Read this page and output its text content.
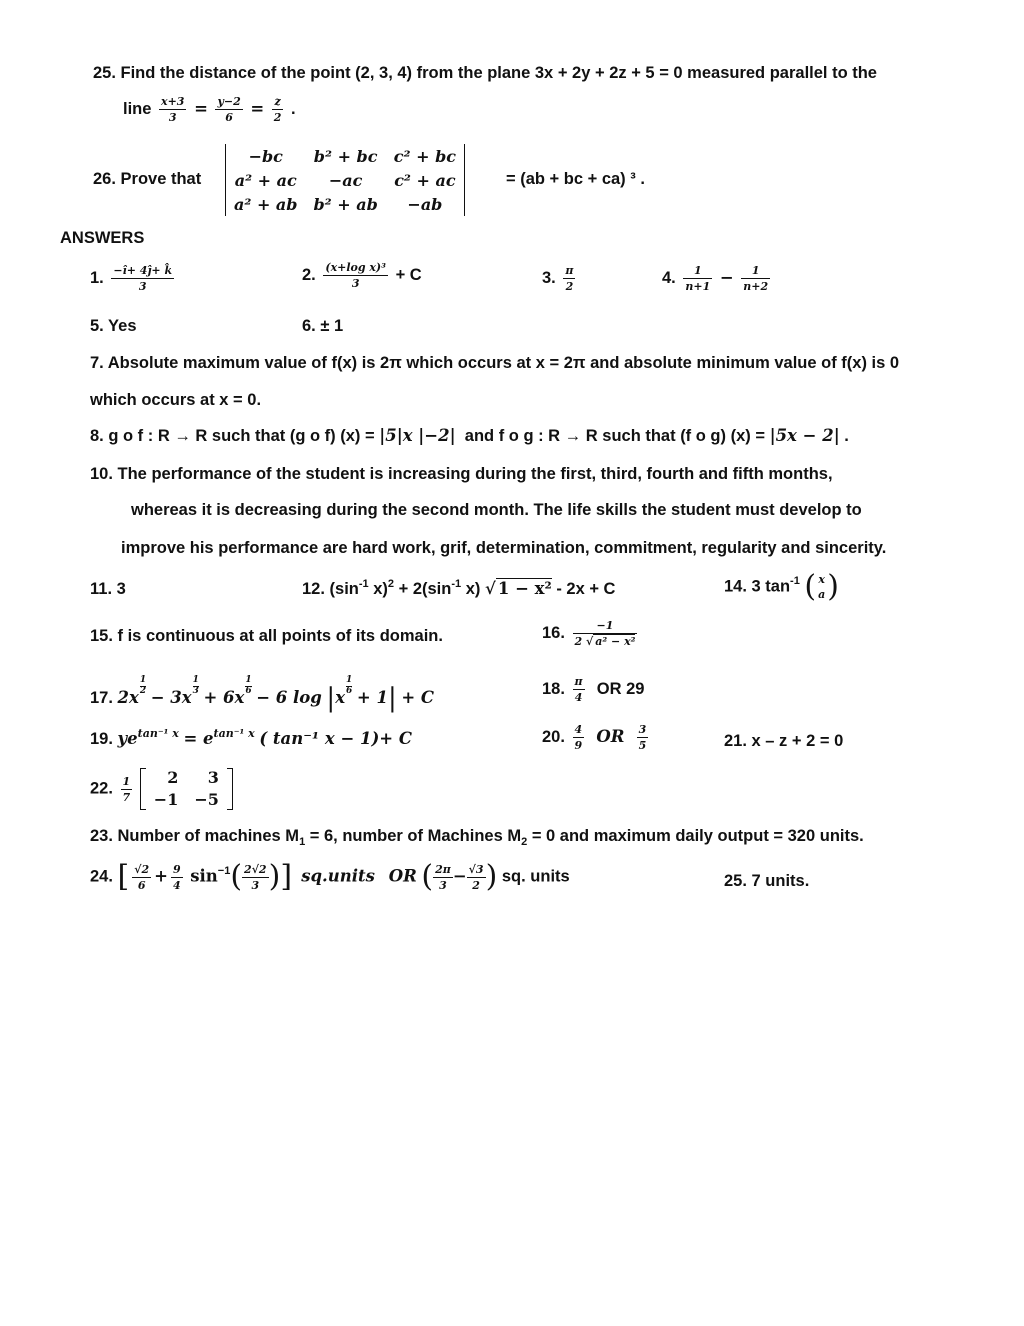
25. Find the distance of the point (2, 3, 4) from the plane 3x + 2y + 2z + 5 = 0 measured parallel to the
line $\frac{x+3}{3} = \frac{y-2}{6} = \frac{z}{2}$ .
26. Prove that
−bc	b² + bc	c² + bc
a² + ac	−ac	c² + ac
a² + ab	b² + ab	−ab
= (ab + bc + ca) ³ .
ANSWERS
1. $\frac{-î+ 4ĵ+ k̂}{3}$	2. $\frac{\text{(x+log x)³}}{3} + C$	3. $\frac{\pi}{2}$	4. $\frac{1}{n+1} - \frac{1}{n+2}$
5. Yes	6. ± 1
7. Absolute maximum value of f(x) is 2π which occurs at x = 2π and absolute minimum value of f(x) is 0
which occurs at x = 0.
8. g o f : R → R such that (g o f) (x) = |5|x |−2| and f o g : R → R such that (f o g) (x) = |5x − 2| .
10. The performance of the student is increasing during the first, third, fourth and fifth months,
whereas it is decreasing during the second month. The life skills the student must develop to
improve his performance are hard work, grif, determination, commitment, regularity and sincerity.
11. 3	12. ($\sin^{-1}$ $x)^2 + 2(\sin^{-1}$ x) √ 1 − x² - 2x + C	14. 3 $\tan^{-1}$ ( x
a )
15. f is continuous at all points of its domain.	16. $\frac{-1}{\text{2 √ a² − x²}}$
17. 2x
$\frac{1}{2}$
− 3x
$\frac{1}{3}$
+ 6x
$\frac{1}{6}$
− 6 log |x
$\frac{1}{6}$
+ 1| + C	18. $\frac{\pi}{4}$ OR 29
19. $ye^{tan^{-1} x} = e^{tan^{-1} x}$ ( tan⁻¹ x − 1)+ C	20. $\frac{4}{9}$ OR $\frac{3}{5}$	21. x – z + 2 = 0
22. $\frac{1}{7}$
2	3
−1	−5
23. Number of machines $M_1 = 6$, number of Machines $M_2 = 0$ and maximum daily output = 320 units.
24. [ $\frac{√2}{6} + \frac{9}{4} \sin^{-1}( \frac{2√2}{3}$ )] sq.units OR ( $\frac{2\pi}{3} - \frac{√3}{2}$ ) sq. units	25. 7 units.
